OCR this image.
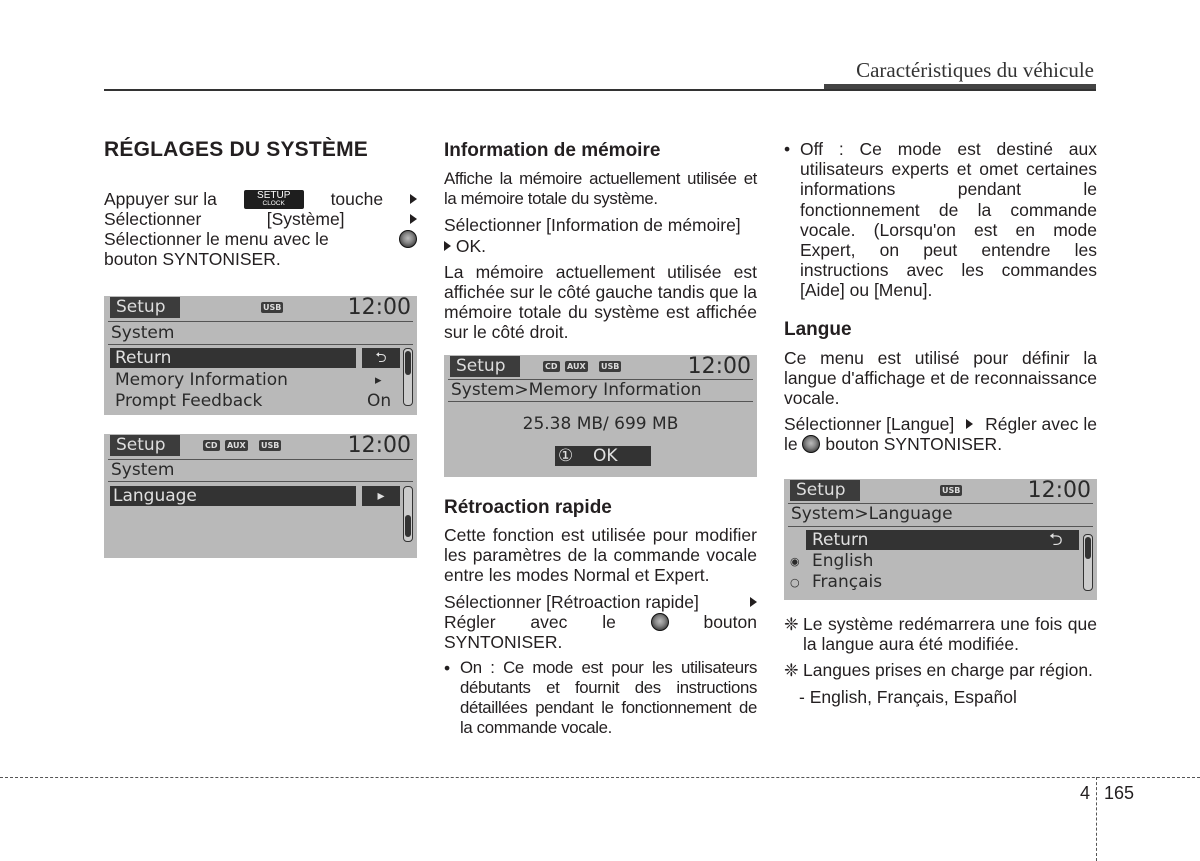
Caractéristiques du véhicule
RÉGLAGES DU SYSTÈME
Appuyer sur la	SETUP
CLOCK	touche
Sélectionner	[Système]
Sélectionner le menu avec le
bouton SYNTONISER.
Setup	USB	12:00
System
Return	⮌
Memory Information	▸
Prompt Feedback	On
Setup	CD AUX USB	12:00
System
Language	▸
Information de mémoire

Affiche la mémoire actuellement utilisée et la mémoire totale du système.

Sélectionner [Information de mémoire]
OK.

La mémoire actuellement utilisée est affichée sur le côté gauche tandis que la mémoire totale du système est affichée sur le côté droit.

Setup	CD AUX USB	12:00
System>Memory Information
25.38 MB/ 699 MB
① OK
Rétroaction rapide

Cette fonction est utilisée pour modifier les paramètres de la commande vocale entre les modes Normal et Expert.

Sélectionner [Rétroaction rapide]
Régler avec le	bouton
SYNTONISER.
• On : Ce mode est pour les utilisateurs débutants et fournit des instructions détaillées pendant le fonctionnement de la commande vocale.

• Off : Ce mode est destiné aux utilisateurs experts et omet certaines informations pendant le fonctionnement de la commande vocale. (Lorsqu'on est en mode Expert, on peut entendre les instructions avec les commandes [Aide] ou [Menu].

Langue

Ce menu est utilisé pour définir la langue d'affichage et de reconnaissance vocale.

Sélectionner [Langue] Régler avec le
le  bouton SYNTONISER.
Setup	USB	12:00
System>Language
Return	⮌
◉ English
○ Français
❈ Le système redémarrera une fois que la langue aura été modifiée.

❈ Langues prises en charge par région.

- English, Français, Español

4 165
